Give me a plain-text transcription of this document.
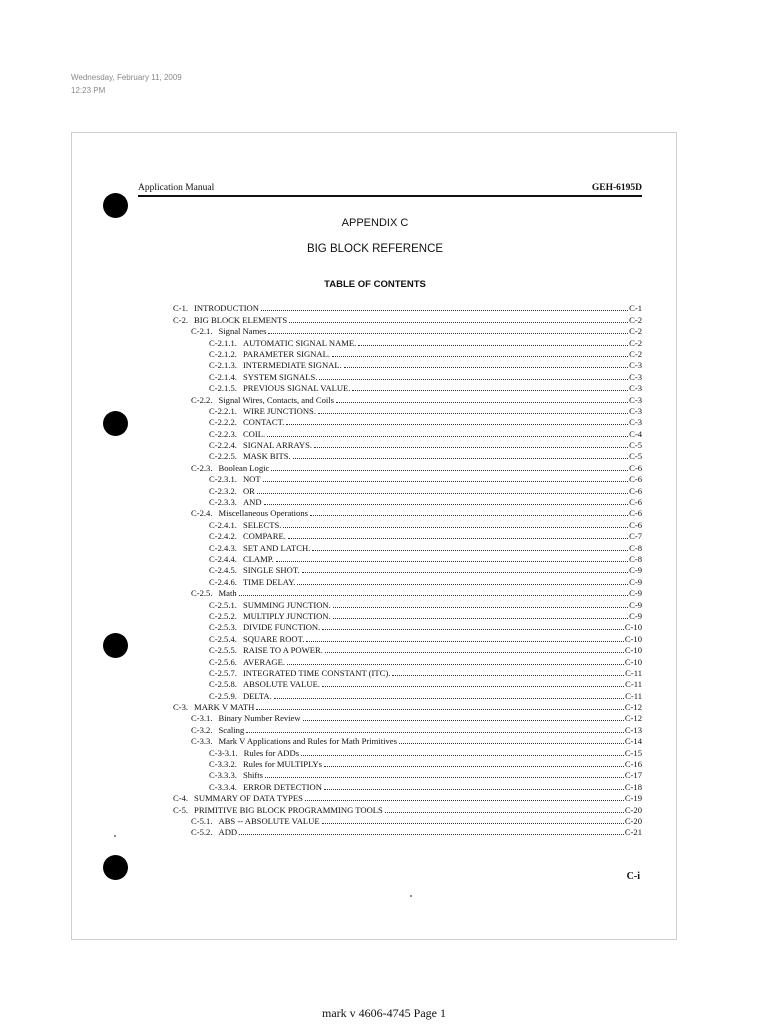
Wednesday, February 11, 2009
12:23 PM
Application Manual	GEH-6195D
APPENDIX C
BIG BLOCK REFERENCE
TABLE OF CONTENTS
C-1. INTRODUCTION	C-1
C-2. BIG BLOCK ELEMENTS	C-2
C-2.1. Signal Names	C-2
C-2.1.1. AUTOMATIC SIGNAL NAME.	C-2
C-2.1.2. PARAMETER SIGNAL.	C-2
C-2.1.3. INTERMEDIATE SIGNAL.	C-3
C-2.1.4. SYSTEM SIGNALS.	C-3
C-2.1.5. PREVIOUS SIGNAL VALUE.	C-3
C-2.2. Signal Wires, Contacts, and Coils	C-3
C-2.2.1. WIRE JUNCTIONS.	C-3
C-2.2.2. CONTACT.	C-3
C-2.2.3. COIL.	C-4
C-2.2.4. SIGNAL ARRAYS.	C-5
C-2.2.5. MASK BITS.	C-5
C-2.3. Boolean Logic	C-6
C-2.3.1. NOT	C-6
C-2.3.2. OR	C-6
C-2.3.3. AND	C-6
C-2.4. Miscellaneous Operations	C-6
C-2.4.1. SELECTS.	C-6
C-2.4.2. COMPARE.	C-7
C-2.4.3. SET AND LATCH.	C-8
C-2.4.4. CLAMP.	C-8
C-2.4.5. SINGLE SHOT.	C-9
C-2.4.6. TIME DELAY.	C-9
C-2.5. Math	C-9
C-2.5.1. SUMMING JUNCTION.	C-9
C-2.5.2. MULTIPLY JUNCTION.	C-9
C-2.5.3. DIVIDE FUNCTION.	C-10
C-2.5.4. SQUARE ROOT.	C-10
C-2.5.5. RAISE TO A POWER.	C-10
C-2.5.6. AVERAGE.	C-10
C-2.5.7. INTEGRATED TIME CONSTANT (ITC).	C-11
C-2.5.8. ABSOLUTE VALUE.	C-11
C-2.5.9. DELTA.	C-11
C-3. MARK V MATH	C-12
C-3.1. Binary Number Review	C-12
C-3.2. Scaling	C-13
C-3.3. Mark V Applications and Rules for Math Primitives	C-14
C-3-3.1. Rules for ADDs	C-15
C-3.3.2. Rules for MULTIPLYs	C-16
C-3.3.3. Shifts	C-17
C-3.3.4. ERROR DETECTION	C-18
C-4. SUMMARY OF DATA TYPES	C-19
C-5. PRIMITIVE BIG BLOCK PROGRAMMING TOOLS	C-20
C-5.1. ABS -- ABSOLUTE VALUE	C-20
C-5.2. ADD	C-21
C-i
mark v 4606-4745 Page 1
